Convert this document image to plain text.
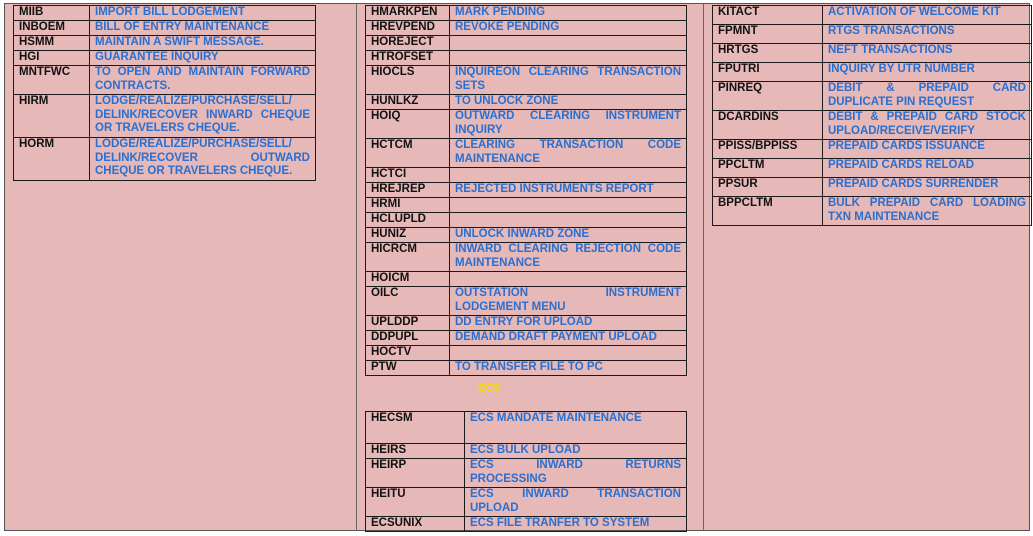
MIIB	IMPORT BILL LODGEMENT
INBOEM	BILL OF ENTRY MAINTENANCE
HSMM	MAINTAIN A SWIFT MESSAGE.
HGI	GUARANTEE INQUIRY
MNTFWC	TO OPEN AND MAINTAIN FORWARD CONTRACTS.
HIRM	LODGE/REALIZE/PURCHASE/SELL/ DELINK/RECOVER INWARD CHEQUE OR TRAVELERS CHEQUE.
HORM	LODGE/REALIZE/PURCHASE/SELL/ DELINK/RECOVER OUTWARD CHEQUE OR TRAVELERS CHEQUE.
HMARKPEN	MARK PENDING
HREVPEND	REVOKE PENDING
HOREJECT	
HTROFSET	
HIOCLS	INQUIREON CLEARING TRANSACTION SETS
HUNLKZ	TO UNLOCK ZONE
HOIQ	OUTWARD CLEARING INSTRUMENT INQUIRY
HCTCM	CLEARING TRANSACTION CODE MAINTENANCE
HCTCI	
HREJREP	REJECTED INSTRUMENTS REPORT
HRMI	
HCLUPLD	
HUNIZ	UNLOCK INWARD ZONE
HICRCM	INWARD CLEARING REJECTION CODE MAINTENANCE
HOICM	
OILC	OUTSTATION INSTRUMENT LODGEMENT MENU
UPLDDP	DD ENTRY FOR UPLOAD
DDPUPL	DEMAND DRAFT PAYMENT UPLOAD
HOCTV	
PTW	TO TRANSFER FILE TO PC
ECS
HECSM	ECS MANDATE MAINTENANCE
HEIRS	ECS BULK UPLOAD
HEIRP	ECS INWARD RETURNS PROCESSING
HEITU	ECS INWARD TRANSACTION UPLOAD
ECSUNIX	ECS FILE TRANFER TO SYSTEM
KITACT	ACTIVATION OF WELCOME KIT
FPMNT	RTGS TRANSACTIONS
HRTGS	NEFT TRANSACTIONS
FPUTRI	INQUIRY BY UTR NUMBER
PINREQ	DEBIT & PREPAID CARD DUPLICATE PIN REQUEST
DCARDINS	DEBIT & PREPAID CARD STOCK UPLOAD/RECEIVE/VERIFY
PPISS/BPPISS	PREPAID CARDS ISSUANCE
PPCLTM	PREPAID CARDS RELOAD
PPSUR	PREPAID CARDS SURRENDER
BPPCLTM	BULK PREPAID CARD LOADING TXN MAINTENANCE
